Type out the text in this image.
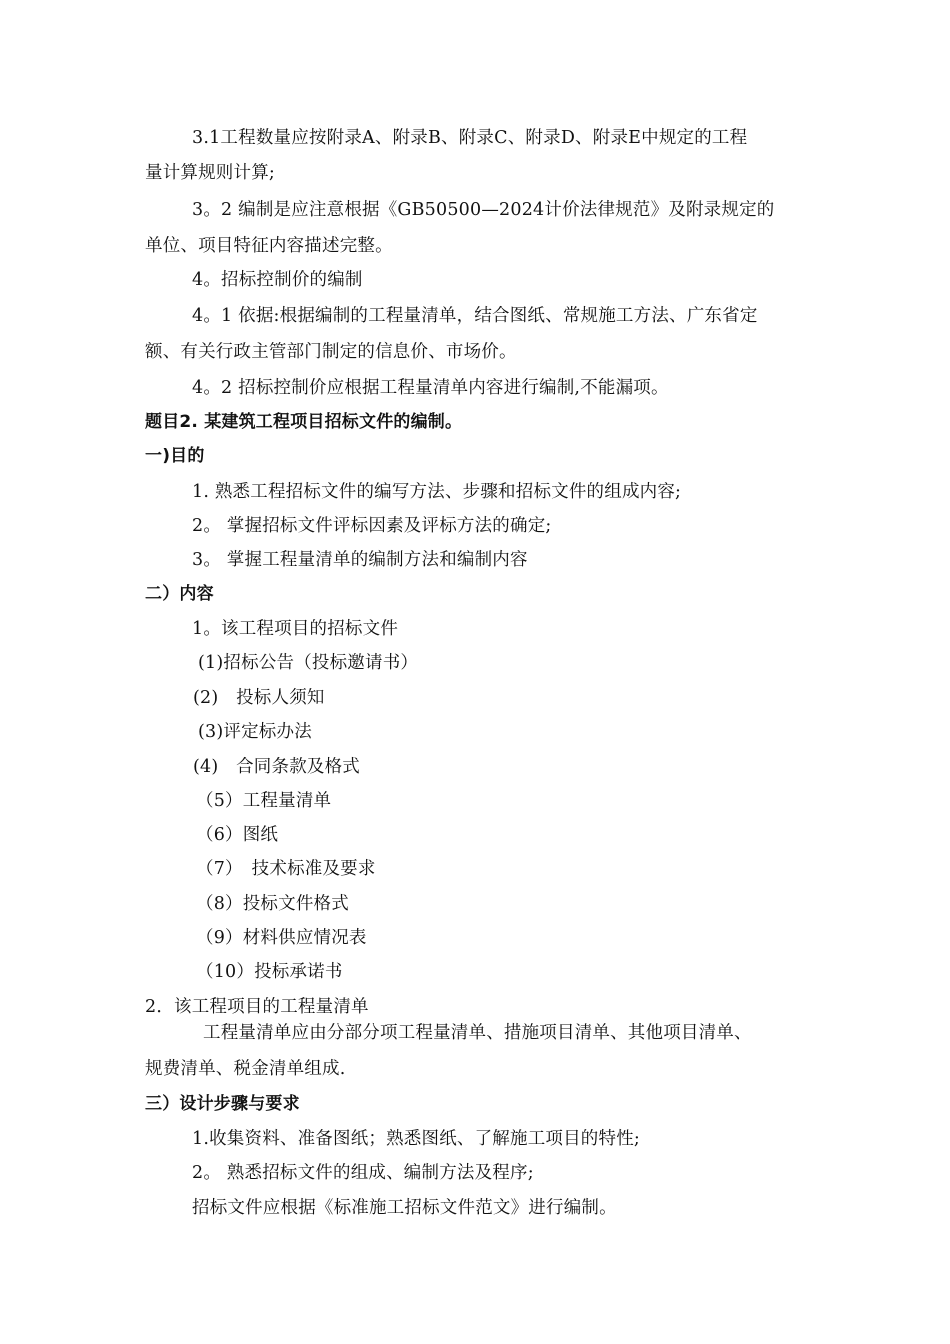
3.1工程数量应按附录A、附录B、附录C、附录D、附录E中规定的工程
量计算规则计算;
3。2 编制是应注意根据《GB50500—2024计价法律规范》及附录规定的
单位、项目特征内容描述完整。
4。招标控制价的编制
4。1 依据:根据编制的工程量清单，结合图纸、常规施工方法、广东省定
额、有关行政主管部门制定的信息价、市场价。
4。2 招标控制价应根据工程量清单内容进行编制,不能漏项。
题目2. 某建筑工程项目招标文件的编制。
一)目的
1. 熟悉工程招标文件的编写方法、步骤和招标文件的组成内容;
2。 掌握招标文件评标因素及评标方法的确定;
3。 掌握工程量清单的编制方法和编制内容
二）内容
1。该工程项目的招标文件
(1)招标公告（投标邀请书）
(2)　投标人须知
(3)评定标办法
(4)　合同条款及格式
（5）工程量清单
（6）图纸
（7）　技术标准及要求
（8）投标文件格式
（9）材料供应情况表
（10）投标承诺书
2．该工程项目的工程量清单
工程量清单应由分部分项工程量清单、措施项目清单、其他项目清单、
规费清单、税金清单组成.
三）设计步骤与要求
1.收集资料、准备图纸；熟悉图纸、了解施工项目的特性;
2。 熟悉招标文件的组成、编制方法及程序;
招标文件应根据《标准施工招标文件范文》进行编制。
